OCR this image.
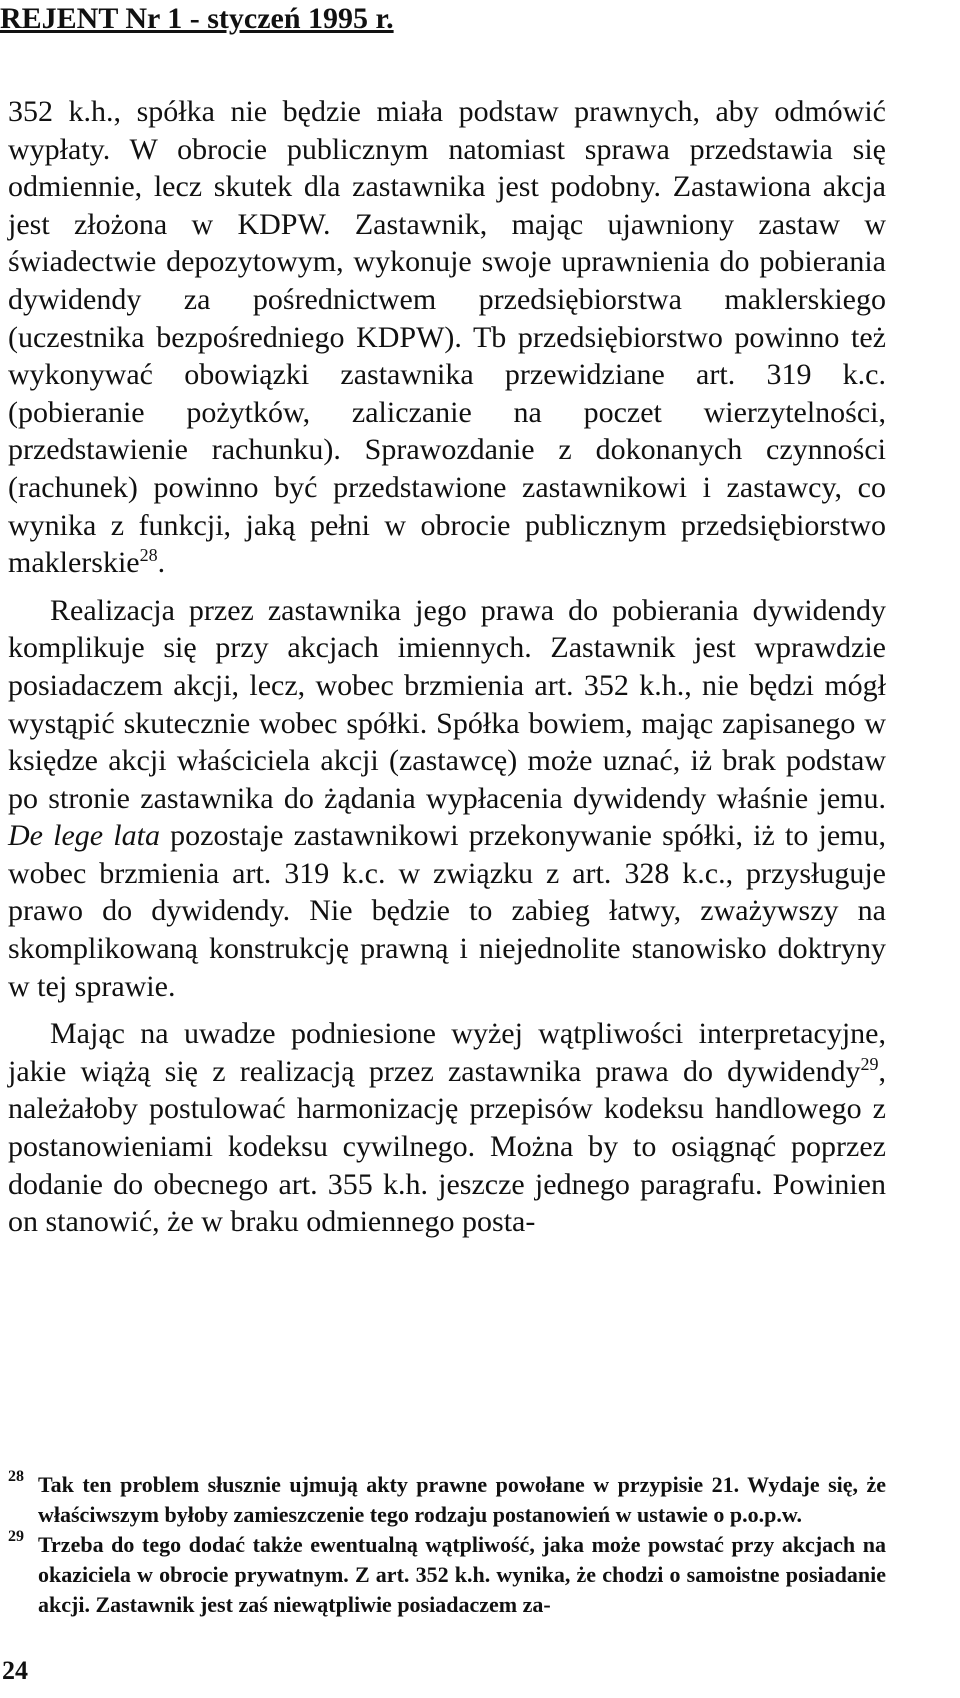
REJENT Nr 1 - styczeń 1995 r.

352 k.h., spółka nie będzie miała podstaw prawnych, aby odmówić wypłaty. W obrocie publicznym natomiast sprawa przedstawia się odmiennie, lecz skutek dla zastawnika jest podobny. Zastawiona akcja jest złożona w KDPW. Zastawnik, mając ujawniony zastaw w świadectwie depozytowym, wykonuje swoje uprawnienia do pobierania dywidendy za pośrednictwem przedsiębiorstwa maklerskiego (uczestnika bezpośredniego KDPW). Tb przedsiębiorstwo powinno też wykonywać obowiązki zastawnika przewidziane art. 319 k.c. (pobieranie pożytków, zaliczanie na poczet wierzytelności, przedstawienie rachunku). Sprawozdanie z dokonanych czynności (rachunek) powinno być przedstawione zastawnikowi i zastawcy, co wynika z funkcji, jaką pełni w obrocie publicznym przedsiębiorstwo maklerskie$^{28}$.

Realizacja przez zastawnika jego prawa do pobierania dywidendy komplikuje się przy akcjach imiennych. Zastawnik jest wprawdzie posiadaczem akcji, lecz, wobec brzmienia art. 352 k.h., nie będzi mógł wystąpić skutecznie wobec spółki. Spółka bowiem, mając zapisanego w księdze akcji właściciela akcji (zastawcę) może uznać, iż brak podstaw po stronie zastawnika do żądania wypłacenia dywidendy właśnie jemu. De lege lata pozostaje zastawnikowi przekonywanie spółki, iż to jemu, wobec brzmienia art. 319 k.c. w związku z art. 328 k.c., przysługuje prawo do dywidendy. Nie będzie to zabieg łatwy, zważywszy na skomplikowaną konstrukcję prawną i niejednolite stanowisko doktryny w tej sprawie.

Mając na uwadze podniesione wyżej wątpliwości interpretacyjne, jakie wiążą się z realizacją przez zastawnika prawa do dywidendy$^{29}$, należałoby postulować harmonizację przepisów kodeksu handlowego z postanowieniami kodeksu cywilnego. Można by to osiągnąć poprzez dodanie do obecnego art. 355 k.h. jeszcze jednego paragrafu. Powinien on stanowić, że w braku odmiennego posta-

28 Tak ten problem słusznie ujmują akty prawne powołane w przypisie 21. Wydaje się, że właściwszym byłoby zamieszczenie tego rodzaju postanowień w ustawie o p.o.p.w.
29 Trzeba do tego dodać także ewentualną wątpliwość, jaka może powstać przy akcjach na okaziciela w obrocie prywatnym. Z art. 352 k.h. wynika, że chodzi o samoistne posiadanie akcji. Zastawnik jest zaś niewątpliwie posiadaczem za-
24
